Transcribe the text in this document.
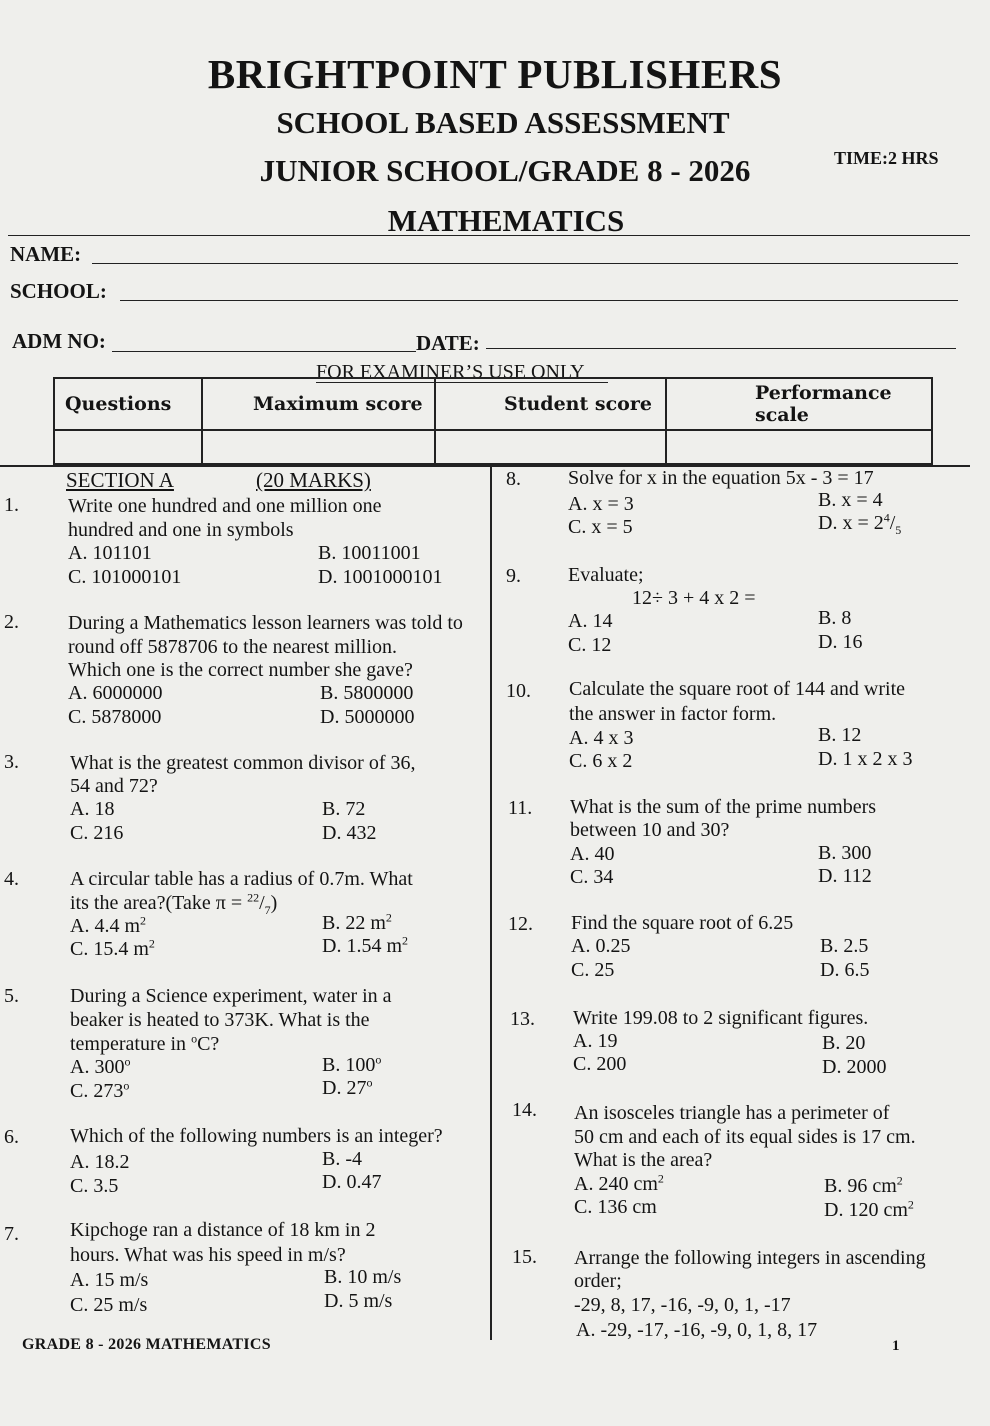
BRIGHTPOINT PUBLISHERS
SCHOOL BASED ASSESSMENT
JUNIOR SCHOOL/GRADE 8 - 2026	TIME:2 HRS
MATHEMATICS
NAME:
SCHOOL:
ADM NO:	DATE:
FOR EXAMINER’S USE ONLY
Questions	Maximum score	Student score	Performance scale

SECTION A	(20 MARKS)
1. Write one hundred and one million one
hundred and one in symbols
A. 101101	B. 10011001
C. 101000101	D. 1001000101
2. During a Mathematics lesson learners was told to
round off 5878706 to the nearest million.
Which one is the correct number she gave?
A. 6000000	B. 5800000
C. 5878000	D. 5000000
3.	What is the greatest common divisor of 36,
54 and 72?
A. 18	B. 72
C. 216	D. 432
4.	A circular table has a radius of 0.7m. What
its the area?(Take $\pi = ^{22}/_7$)
A. 4.4 $m^2$	B. 22 $m^2$
C. 15.4 $m^2$	D. 1.54 $m^2$
5.	During a Science experiment, water in a
beaker is heated to 373K. What is the
temperature in $^o$C?
A. 300$^o$	B. 100$^o$
C. 273$^o$	D. 27$^o$
6.	Which of the following numbers is an integer?
A. 18.2	B. -4
C. 3.5	D. 0.47
7.	Kipchoge ran a distance of 18 km in 2
hours. What was his speed in m/s?
A. 15 m/s	B. 10 m/s
C. 25 m/s	D. 5 m/s
8. Solve for x in the equation 5x - 3 = 17
A. x = 3	B. x = 4
C. x = 5	D. $x = 2^4/_5$
9. Evaluate;
12÷ 3 + 4 x 2 =
A. 14	B. 8
C. 12	D. 16
10. Calculate the square root of 144 and write
the answer in factor form.
A. 4 x 3	B. 12
C. 6 x 2	D. 1 x 2 x 3
11. What is the sum of the prime numbers
between 10 and 30?
A. 40	B. 300
C. 34	D. 112
12. Find the square root of 6.25
A. 0.25	B. 2.5
C. 25	D. 6.5
13. Write 199.08 to 2 significant figures.
A. 19	B. 20
C. 200	D. 2000
14. An isosceles triangle has a perimeter of
50 cm and each of its equal sides is 17 cm.
What is the area?
A. 240 $cm^2$	B. 96 $cm^2$
C. 136 cm	D. 120 $cm^2$
15. Arrange the following integers in ascending
order;
-29, 8, 17, -16, -9, 0, 1, -17
A. -29, -17, -16, -9, 0, 1, 8, 17
GRADE 8 - 2026 MATHEMATICS	1
